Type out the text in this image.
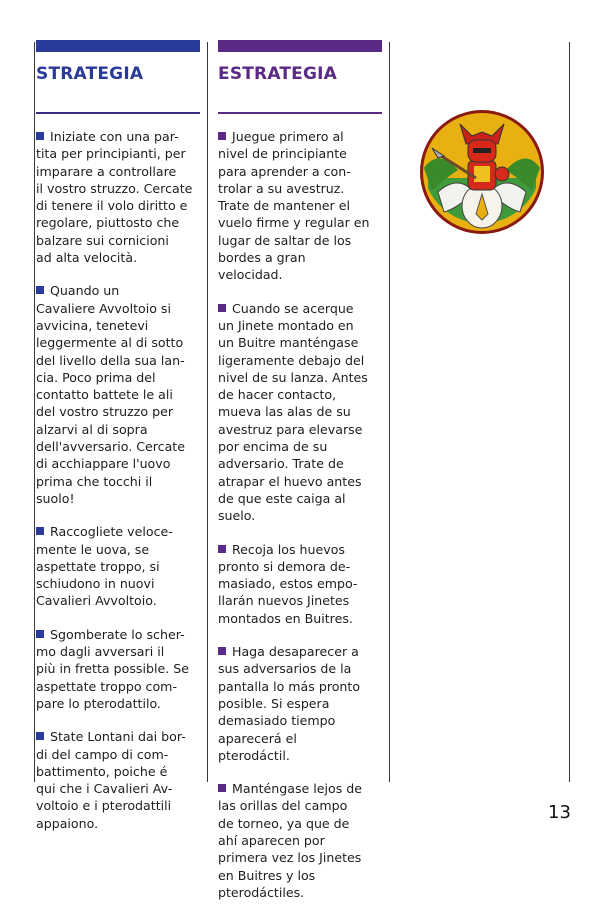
STRATEGIA

Iniziate con una par-
tita per principianti, per
imparare a controllare
il vostro struzzo. Cercate
di tenere il volo diritto e
regolare, piuttosto che
balzare sui cornicioni
ad alta velocità.

Quando un
Cavaliere Avvoltoio si
avvicina, tenetevi
leggermente al di sotto
del livello della sua lan-
cia. Poco prima del
contatto battete le ali
del vostro struzzo per
alzarvi al di sopra
dell'avversario. Cercate
di acchiappare l'uovo
prima che tocchi il
suolo!

Raccogliete veloce-
mente le uova, se
aspettate troppo, si
schiudono in nuovi
Cavalieri Avvoltoio.

Sgomberate lo scher-
mo dagli avversari il
più in fretta possible. Se
aspettate troppo com-
pare lo pterodattilo.

State Lontani dai bor-
di del campo di com-
battimento, poiche é
qui che i Cavalieri Av-
voltoio e i pterodattili
appaiono.

ESTRATEGIA

Juegue primero al
nivel de principiante
para aprender a con-
trolar a su avestruz.
Trate de mantener el
vuelo firme y regular en
lugar de saltar de los
bordes a gran
velocidad.

Cuando se acerque
un Jinete montado en
un Buitre manténgase
ligeramente debajo del
nivel de su lanza. Antes
de hacer contacto,
mueva las alas de su
avestruz para elevarse
por encima de su
adversario. Trate de
atrapar el huevo antes
de que este caiga al
suelo.

Recoja los huevos
pronto si demora de-
masiado, estos empo-
llarán nuevos Jinetes
montados en Buitres.

Haga desaparecer a
sus adversarios de la
pantalla lo más pronto
posible. Si espera
demasiado tiempo
aparecerá el
pterodáctil.

Manténgase lejos de
las orillas del campo
de torneo, ya que de
ahí aparecen por
primera vez los Jinetes
en Buitres y los
pterodáctiles.

13
